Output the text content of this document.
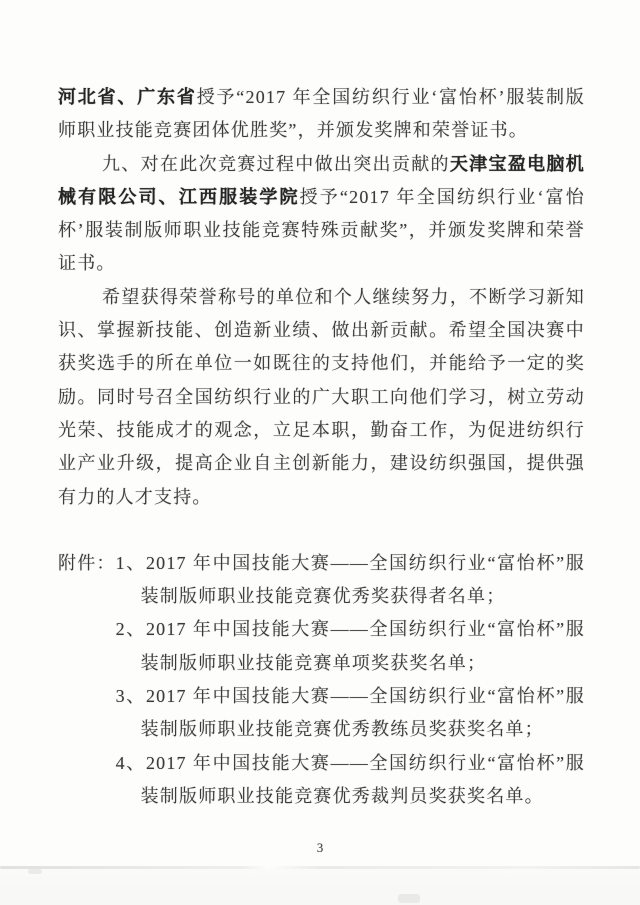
河北省、广东省授予“2017 年全国纺织行业‘富怡杯’服装制版师职业技能竞赛团体优胜奖”，并颁发奖牌和荣誉证书。

九、对在此次竞赛过程中做出突出贡献的天津宝盈电脑机械有限公司、江西服装学院授予“2017 年全国纺织行业‘富怡杯’服装制版师职业技能竞赛特殊贡献奖”，并颁发奖牌和荣誉证书。

希望获得荣誉称号的单位和个人继续努力，不断学习新知识、掌握新技能、创造新业绩、做出新贡献。希望全国决赛中获奖选手的所在单位一如既往的支持他们，并能给予一定的奖励。同时号召全国纺织行业的广大职工向他们学习，树立劳动光荣、技能成才的观念，立足本职，勤奋工作，为促进纺织行业产业升级，提高企业自主创新能力，建设纺织强国，提供强有力的人才支持。

附件： 1、2017 年中国技能大赛——全国纺织行业“富怡杯”服装制版师职业技能竞赛优秀奖获得者名单；
2、2017 年中国技能大赛——全国纺织行业“富怡杯”服装制版师职业技能竞赛单项奖获奖名单；
3、2017 年中国技能大赛——全国纺织行业“富怡杯”服装制版师职业技能竞赛优秀教练员奖获奖名单；
4、2017 年中国技能大赛——全国纺织行业“富怡杯”服装制版师职业技能竞赛优秀裁判员奖获奖名单。
3
